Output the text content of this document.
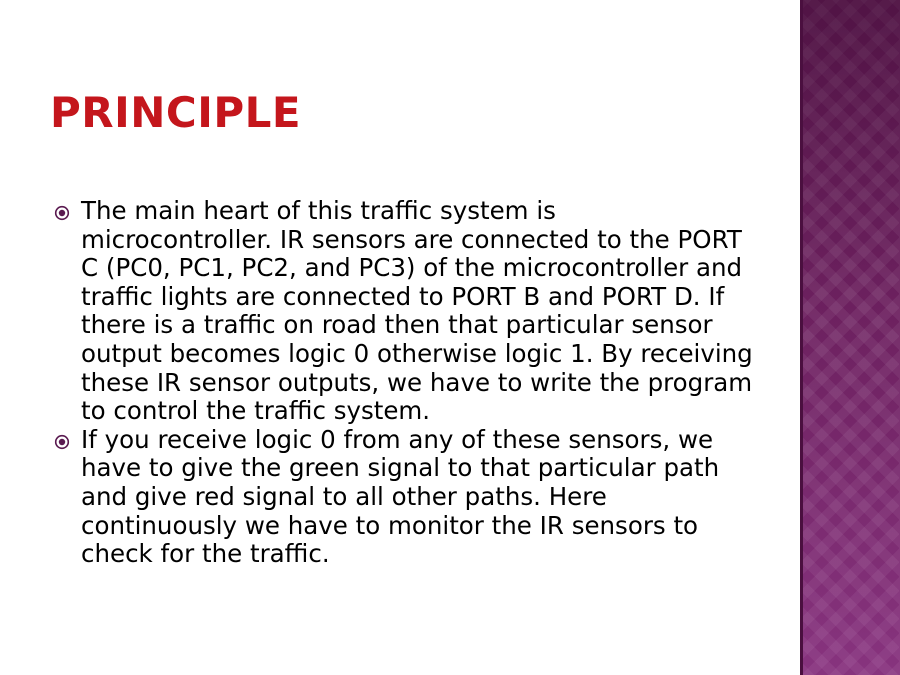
PRINCIPLE
The main heart of this traffic system is microcontroller. IR sensors are connected to the PORT C (PC0, PC1, PC2, and PC3) of the microcontroller and traffic lights are connected to PORT B and PORT D. If there is a traffic on road then that particular sensor output becomes logic 0 otherwise logic 1. By receiving these IR sensor outputs, we have to write the program to control the traffic system.
If you receive logic 0 from any of these sensors, we have to give the green signal to that particular path and give red signal to all other paths. Here continuously we have to monitor the IR sensors to check for the traffic.
